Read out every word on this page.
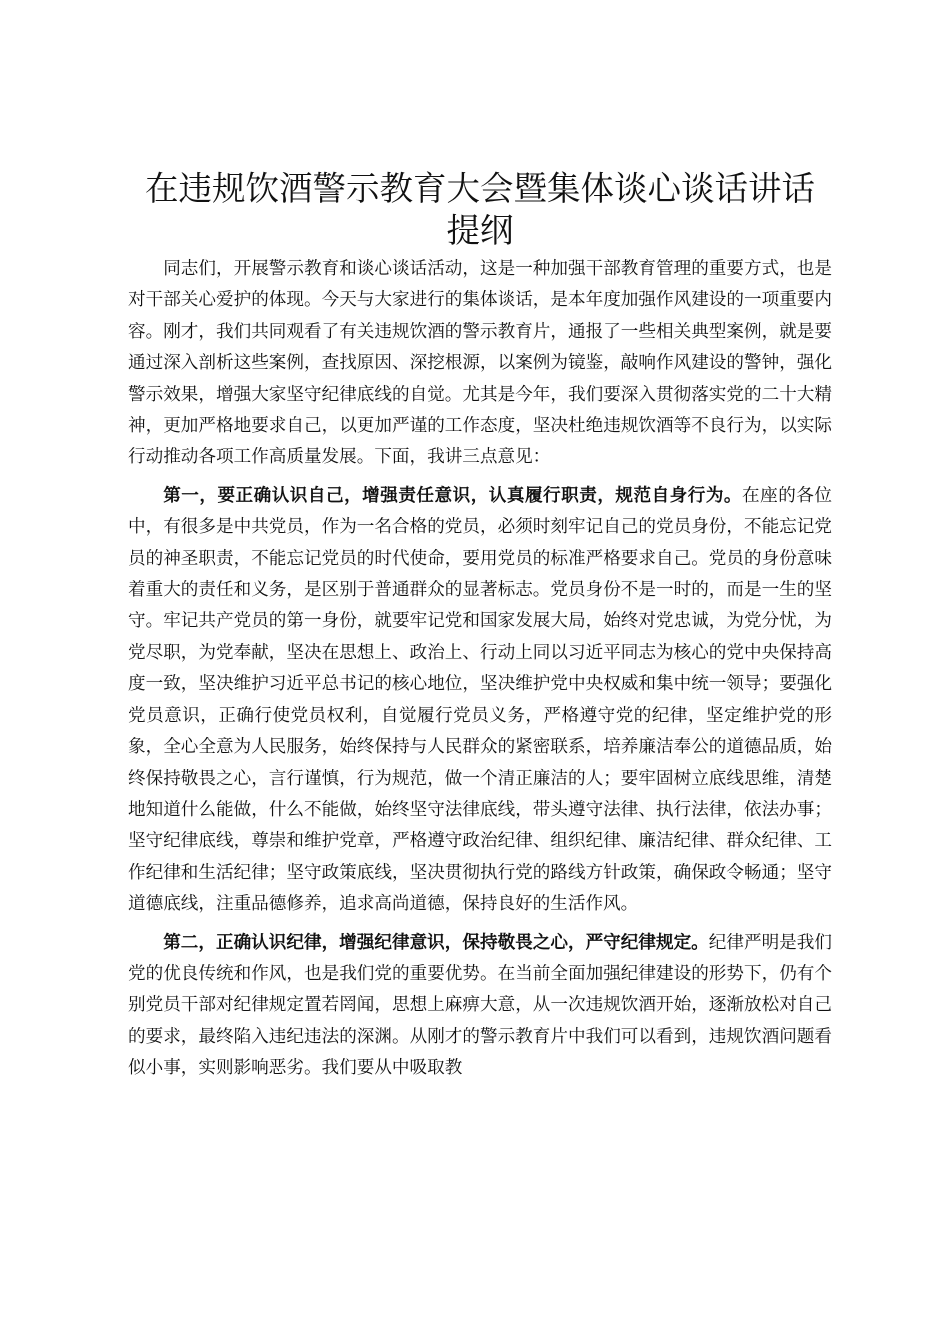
在违规饮酒警示教育大会暨集体谈心谈话讲话
提纲

同志们，开展警示教育和谈心谈话活动，这是一种加强干部教育管理的重要方式，也是对干部关心爱护的体现。今天与大家进行的集体谈话，是本年度加强作风建设的一项重要内容。刚才，我们共同观看了有关违规饮酒的警示教育片，通报了一些相关典型案例，就是要通过深入剖析这些案例，查找原因、深挖根源，以案例为镜鉴，敲响作风建设的警钟，强化警示效果，增强大家坚守纪律底线的自觉。尤其是今年，我们要深入贯彻落实党的二十大精神，更加严格地要求自己，以更加严谨的工作态度，坚决杜绝违规饮酒等不良行为，以实际行动推动各项工作高质量发展。下面，我讲三点意见：

第一，要正确认识自己，增强责任意识，认真履行职责，规范自身行为。在座的各位中，有很多是中共党员，作为一名合格的党员，必须时刻牢记自己的党员身份，不能忘记党员的神圣职责，不能忘记党员的时代使命，要用党员的标准严格要求自己。党员的身份意味着重大的责任和义务，是区别于普通群众的显著标志。党员身份不是一时的，而是一生的坚守。牢记共产党员的第一身份，就要牢记党和国家发展大局，始终对党忠诚，为党分忧，为党尽职，为党奉献，坚决在思想上、政治上、行动上同以习近平同志为核心的党中央保持高度一致，坚决维护习近平总书记的核心地位，坚决维护党中央权威和集中统一领导；要强化党员意识，正确行使党员权利，自觉履行党员义务，严格遵守党的纪律，坚定维护党的形象，全心全意为人民服务，始终保持与人民群众的紧密联系，培养廉洁奉公的道德品质，始终保持敬畏之心，言行谨慎，行为规范，做一个清正廉洁的人；要牢固树立底线思维，清楚地知道什么能做，什么不能做，始终坚守法律底线，带头遵守法律、执行法律，依法办事；坚守纪律底线，尊崇和维护党章，严格遵守政治纪律、组织纪律、廉洁纪律、群众纪律、工作纪律和生活纪律；坚守政策底线，坚决贯彻执行党的路线方针政策，确保政令畅通；坚守道德底线，注重品德修养，追求高尚道德，保持良好的生活作风。

第二，正确认识纪律，增强纪律意识，保持敬畏之心，严守纪律规定。纪律严明是我们党的优良传统和作风，也是我们党的重要优势。在当前全面加强纪律建设的形势下，仍有个别党员干部对纪律规定置若罔闻，思想上麻痹大意，从一次违规饮酒开始，逐渐放松对自己的要求，最终陷入违纪违法的深渊。从刚才的警示教育片中我们可以看到，违规饮酒问题看似小事，实则影响恶劣。我们要从中吸取教
